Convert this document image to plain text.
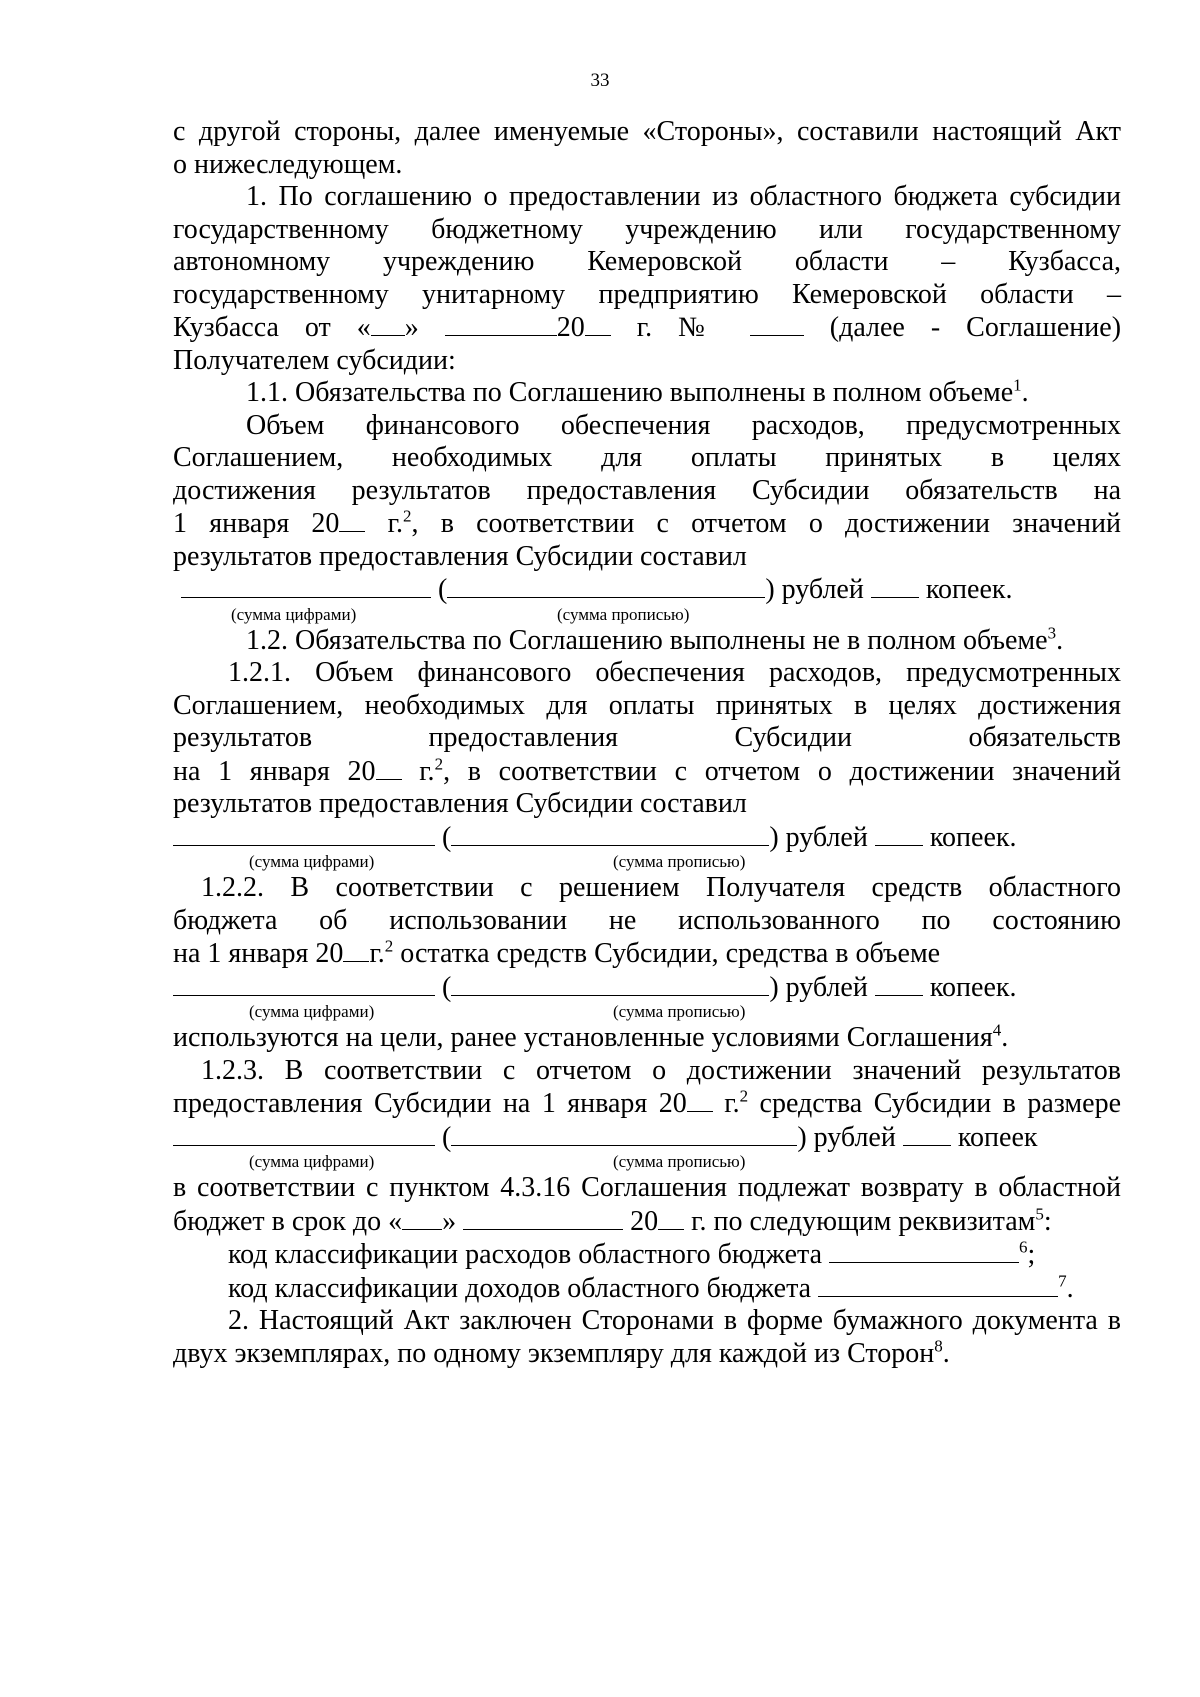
33

с другой стороны, далее именуемые «Стороны», составили настоящий Акт

о нижеследующем.

1. По соглашению о предоставлении из областного бюджета субсидии

государственному бюджетному учреждению или государственному

автономному учреждению Кемеровской области – Кузбасса,

государственному унитарному предприятию Кемеровской области –

Кузбасса от « »	20 г. №  (далее - Соглашение)

Получателем субсидии:

1.1. Обязательства по Соглашению выполнены в полном объеме$^1$.

Объем финансового обеспечения расходов, предусмотренных

Соглашением, необходимых для оплаты принятых в целях

достижения результатов предоставления Субсидии обязательств на

1 января 20 г.$^2$, в соответствии с отчетом о достижении значений

результатов предоставления Субсидии составил

(	) рублей  копеек.

(сумма цифрами)	(сумма прописью)

1.2. Обязательства по Соглашению выполнены не в полном объеме$^3$.

1.2.1. Объем финансового обеспечения расходов, предусмотренных

Соглашением, необходимых для оплаты принятых в целях достижения

результатов предоставления Субсидии обязательств

на 1 января 20 г.$^2$, в соответствии с отчетом о достижении значений

результатов предоставления Субсидии составил

(	) рублей  копеек.

(сумма цифрами)	(сумма прописью)

1.2.2. В соответствии с решением Получателя средств областного

бюджета об использовании не использованного по состоянию

на 1 января 20 г.$^2$ остатка средств Субсидии, средства в объеме

(	) рублей  копеек.

(сумма цифрами)	(сумма прописью)

используются на цели, ранее установленные условиями Соглашения$^4$.

1.2.3. В соответствии с отчетом о достижении значений результатов

предоставления Субсидии на 1 января 20 г.$^2$ средства Субсидии в размере

(	) рублей  копеек

(сумма цифрами)	(сумма прописью)

в соответствии с пунктом 4.3.16 Соглашения подлежат возврату в областной

бюджет в срок до « »	20 г. по следующим реквизитам$^5$:

код классификации расходов областного бюджета	$^6$;

код классификации доходов областного бюджета	$^7$.

2. Настоящий Акт заключен Сторонами в форме бумажного документа в

двух экземплярах, по одному экземпляру для каждой из Сторон$^8$.
